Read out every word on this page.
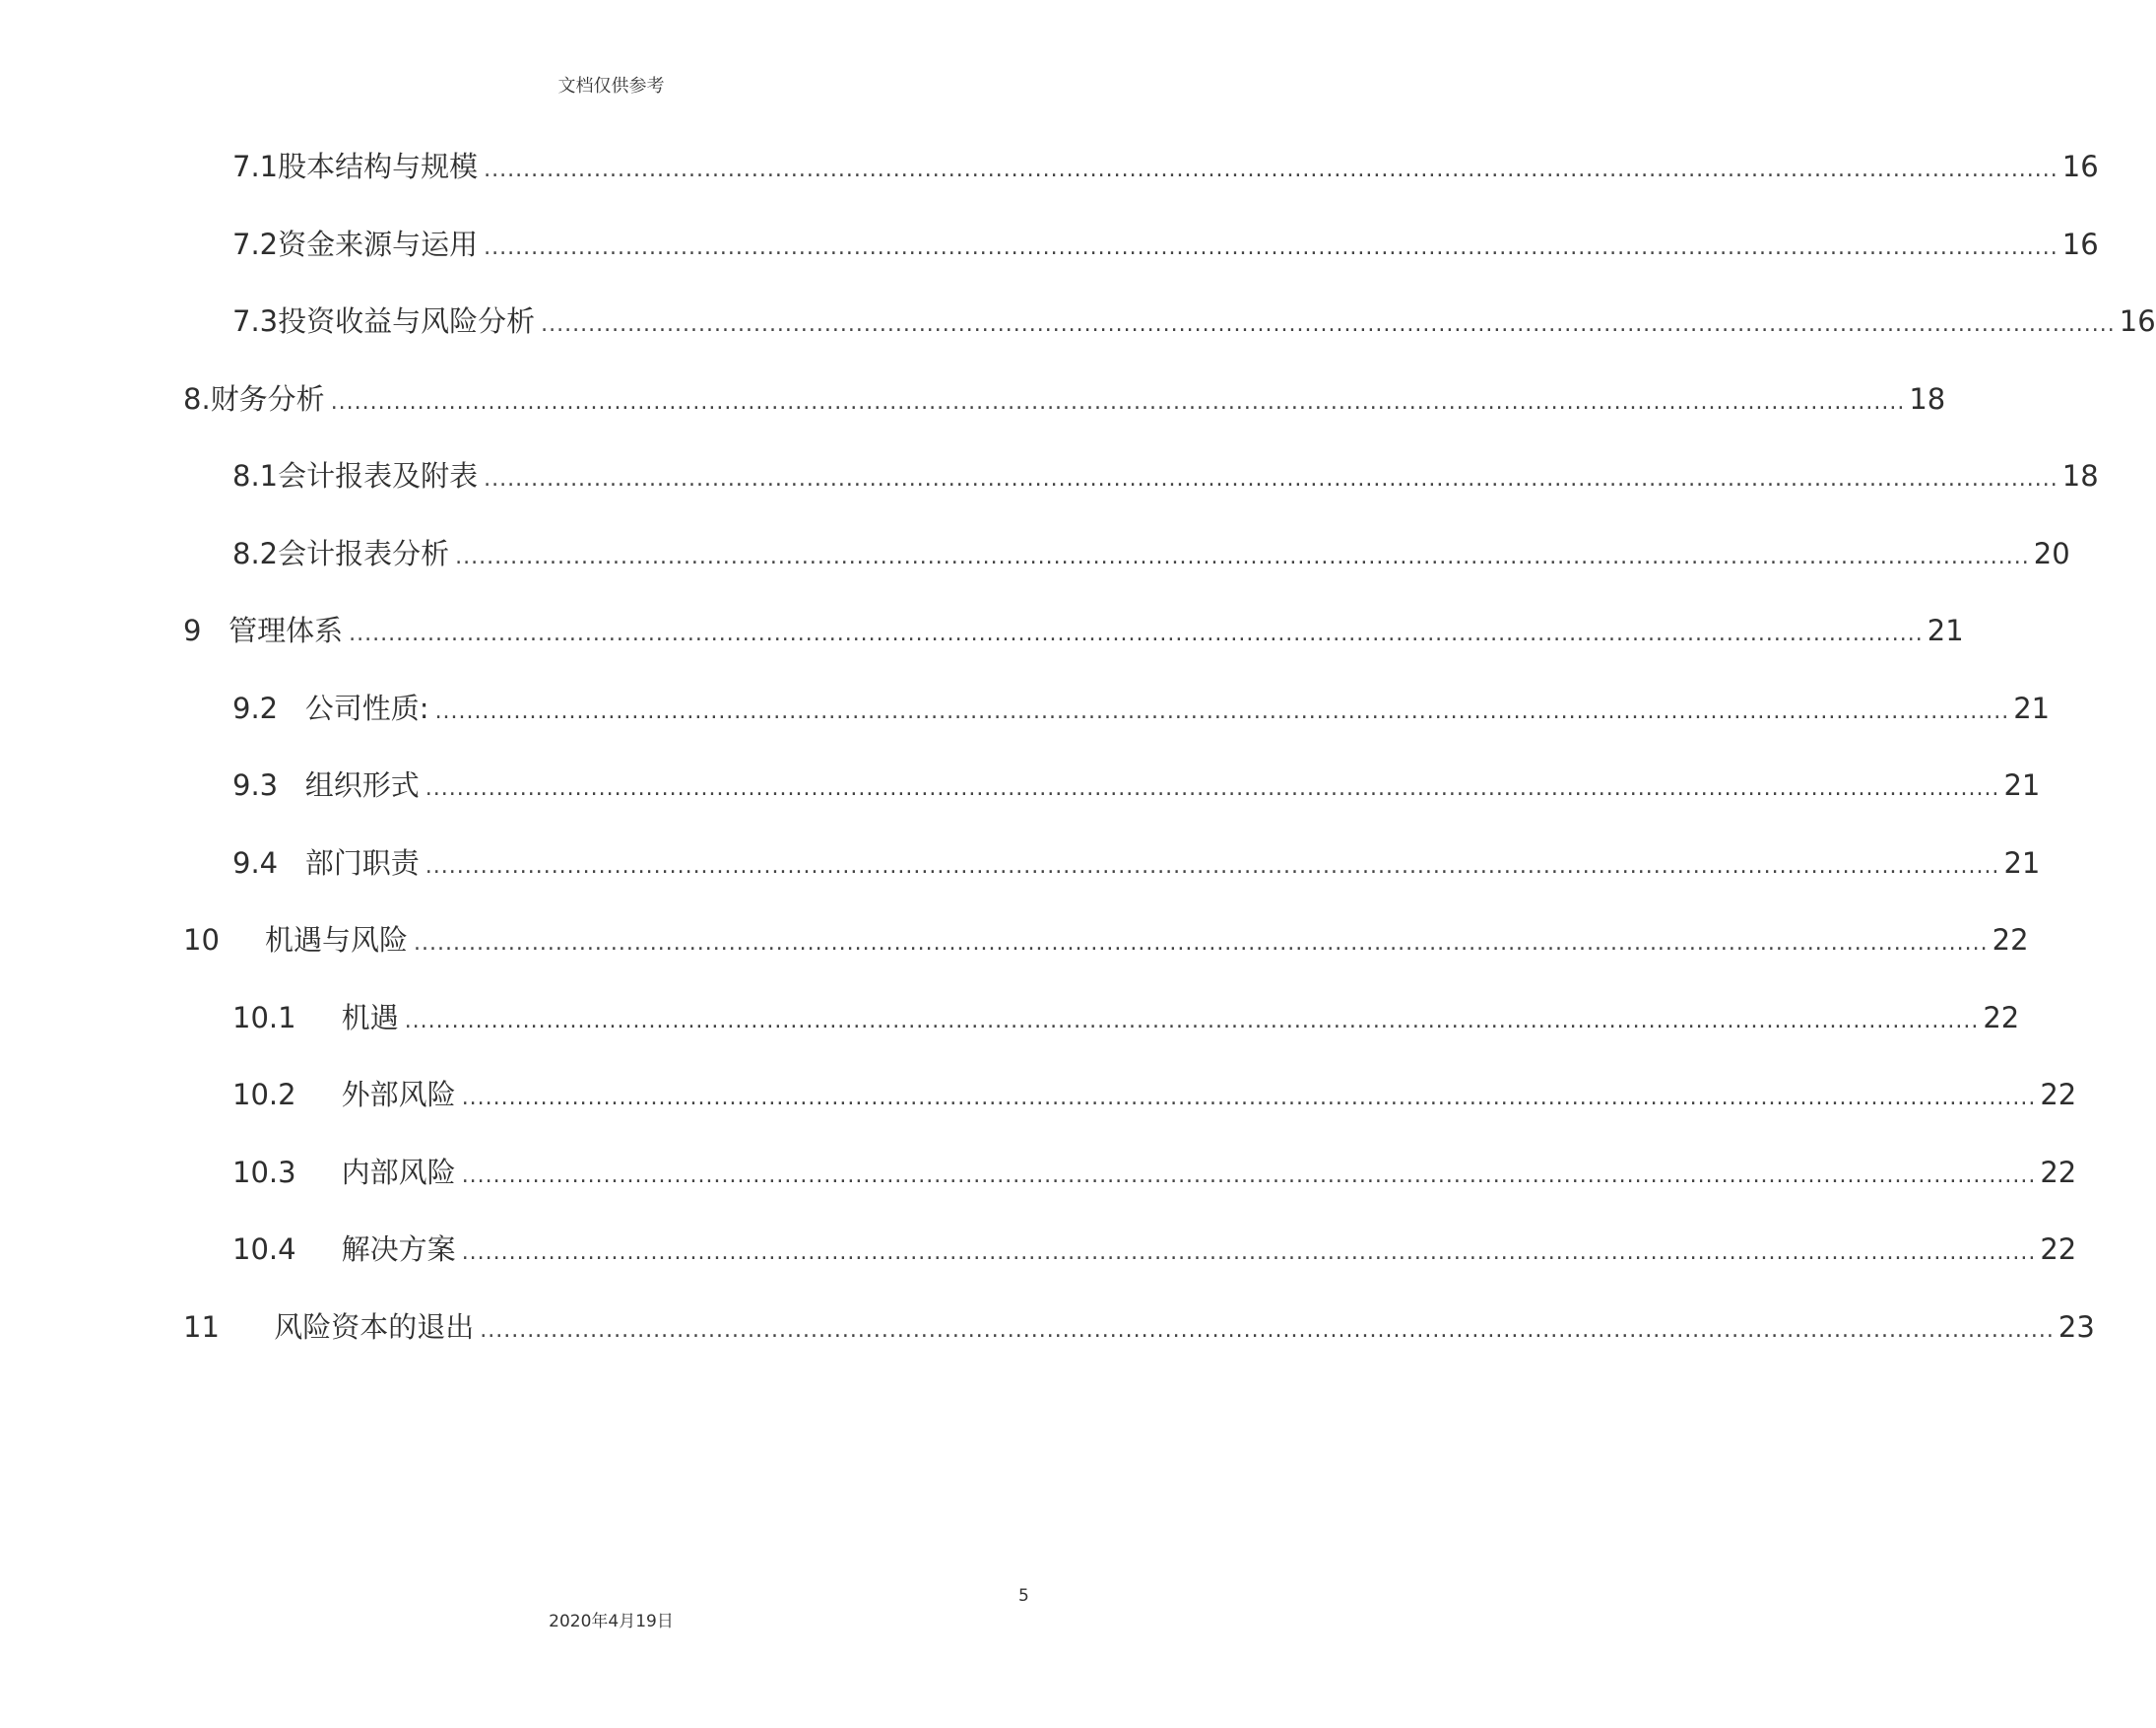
文档仅供参考
7.1 股本结构与规模 ........................................................................................................................................................................................................ 16
7.2 资金来源与运用 ........................................................................................................................................................................................................ 16
7.3 投资收益与风险分析 ........................................................................................................................................................................................................ 16
8. 财务分析 ........................................................................................................................................................................................................ 18
8.1 会计报表及附表 ........................................................................................................................................................................................................ 18
8.2 会计报表分析 ........................................................................................................................................................................................................ 20
9 管理体系 ........................................................................................................................................................................................................ 21
9.2 公司性质: ........................................................................................................................................................................................................ 21
9.3 组织形式 ........................................................................................................................................................................................................ 21
9.4 部门职责 ........................................................................................................................................................................................................ 21
10 机遇与风险 ........................................................................................................................................................................................................ 22
10.1 机遇 ........................................................................................................................................................................................................ 22
10.2 外部风险 ........................................................................................................................................................................................................ 22
10.3 内部风险 ........................................................................................................................................................................................................ 22
10.4 解决方案 ........................................................................................................................................................................................................ 22
11 风险资本的退出 ........................................................................................................................................................................................................ 23
5
2020年4月19日
